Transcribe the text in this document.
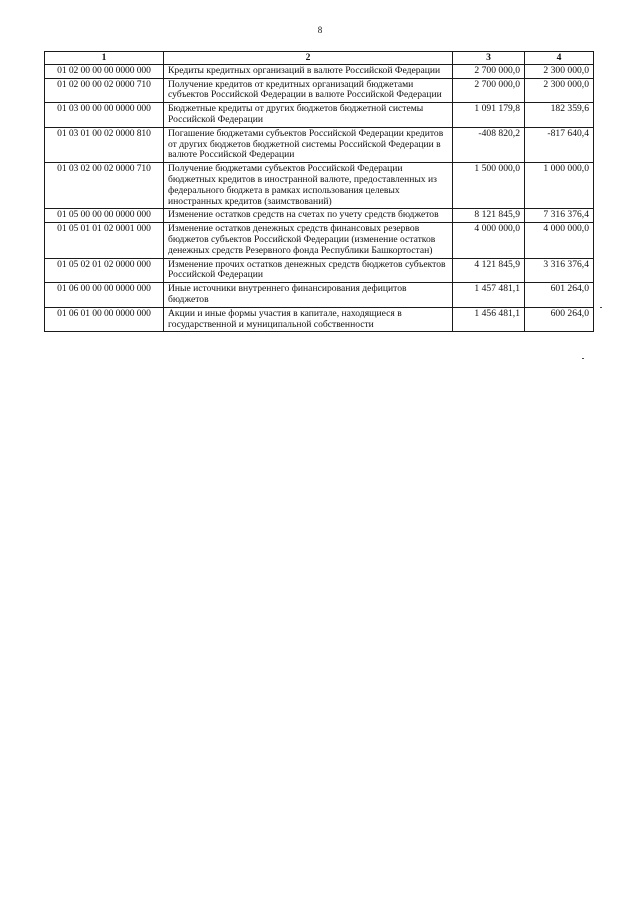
8
1	2	3	4
01 02 00 00 00 0000 000	Кредиты кредитных организаций в валюте Российской Федерации	2 700 000,0	2 300 000,0
01 02 00 00 02 0000 710	Получение кредитов от кредитных организаций бюджетами субъектов Российской Федерации в валюте Российской Федерации	2 700 000,0	2 300 000,0
01 03 00 00 00 0000 000	Бюджетные кредиты от других бюджетов бюджетной системы Российской Федерации	1 091 179,8	182 359,6
01 03 01 00 02 0000 810	Погашение бюджетами субъектов Российской Федерации кредитов от других бюджетов бюджетной системы Российской Федерации в валюте Российской Федерации	-408 820,2	-817 640,4
01 03 02 00 02 0000 710	Получение бюджетами субъектов Российской Федерации бюджетных кредитов в иностранной валюте, предоставленных из федерального бюджета в рамках использования целевых иностранных кредитов (заимствований)	1 500 000,0	1 000 000,0
01 05 00 00 00 0000 000	Изменение остатков средств на счетах по учету средств бюджетов	8 121 845,9	7 316 376,4
01 05 01 01 02 0001 000	Изменение остатков денежных средств финансовых резервов бюджетов субъектов Российской Федерации (изменение остатков денежных средств Резервного фонда Республики Башкортостан)	4 000 000,0	4 000 000,0
01 05 02 01 02 0000 000	Изменение прочих остатков денежных средств бюджетов субъектов Российской Федерации	4 121 845,9	3 316 376,4
01 06 00 00 00 0000 000	Иные источники внутреннего финансирования дефицитов бюджетов	1 457 481,1	601 264,0
01 06 01 00 00 0000 000	Акции и иные формы участия в капитале, находящиеся в государственной и муниципальной собственности	1 456 481,1	600 264,0
